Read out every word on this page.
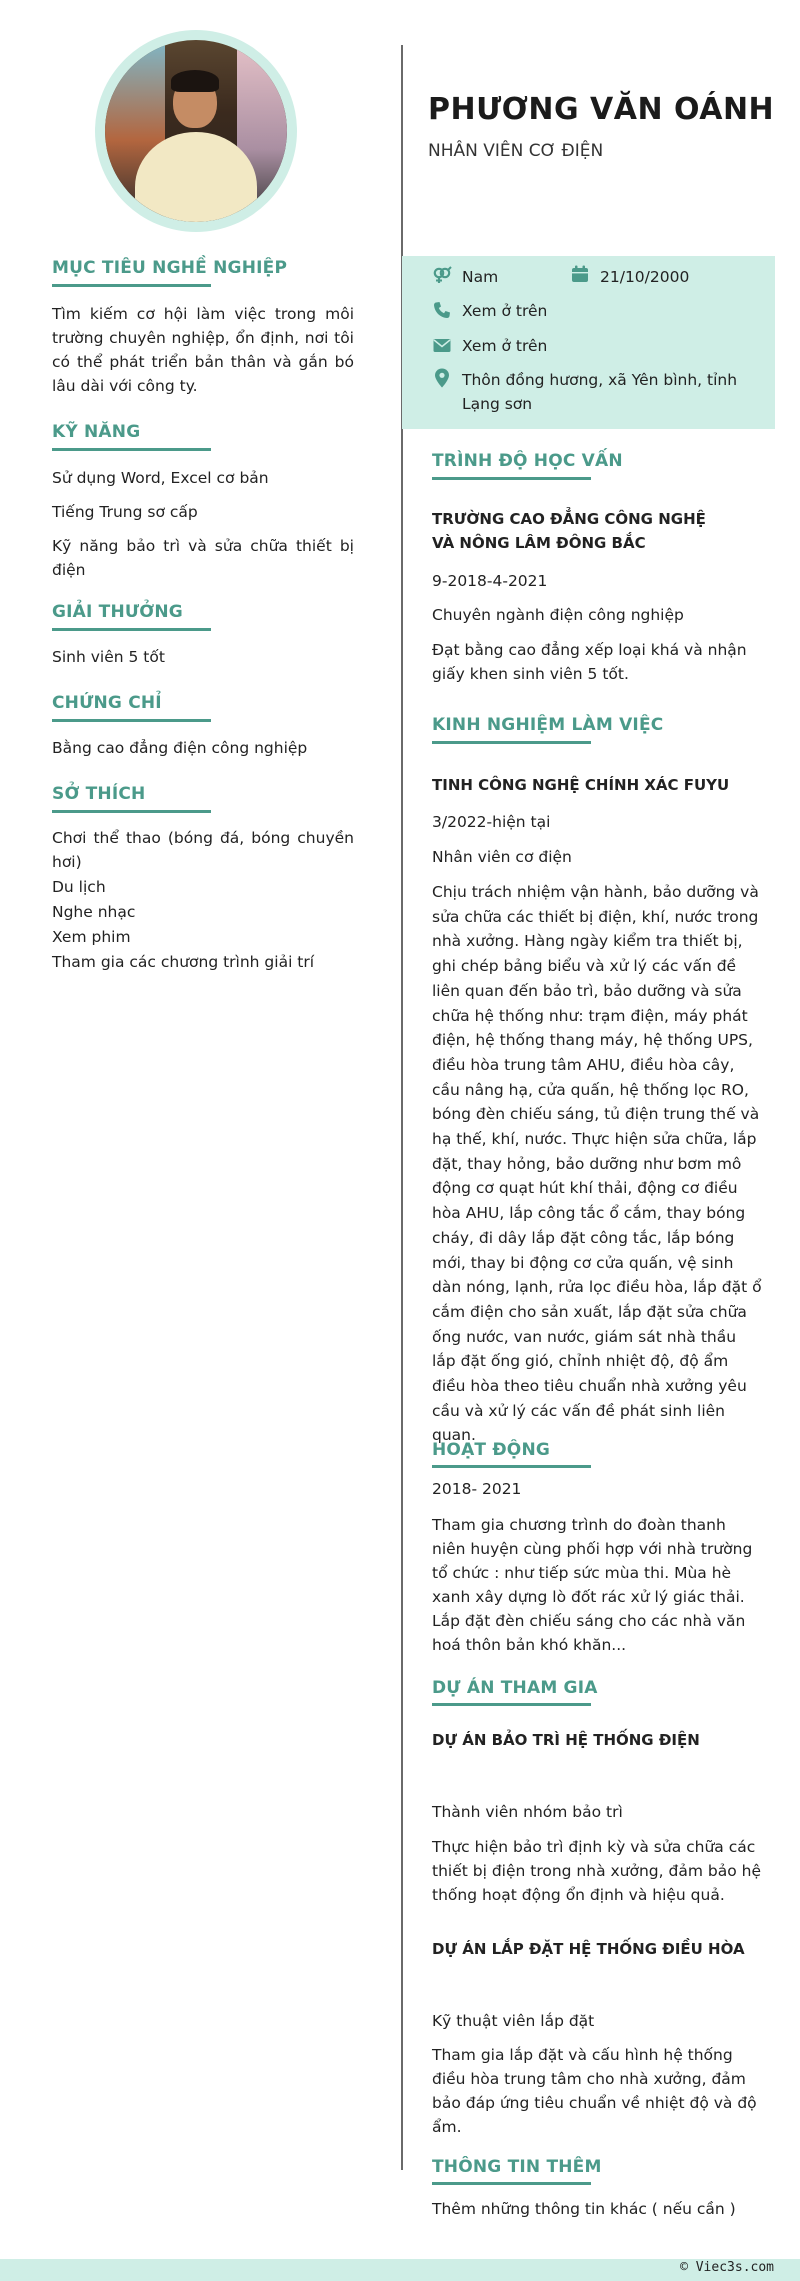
MỤC TIÊU NGHỀ NGHIỆP
Tìm kiếm cơ hội làm việc trong môi trường chuyên nghiệp, ổn định, nơi tôi có thể phát triển bản thân và gắn bó lâu dài với công ty.
KỸ NĂNG
Sử dụng Word, Excel cơ bản
Tiếng Trung sơ cấp
Kỹ năng bảo trì và sửa chữa thiết bị điện
GIẢI THƯỞNG
Sinh viên 5 tốt
CHỨNG CHỈ
Bằng cao đẳng điện công nghiệp
SỞ THÍCH
Chơi thể thao (bóng đá, bóng chuyền hơi)
Du lịch
Nghe nhạc
Xem phim
Tham gia các chương trình giải trí
PHƯƠNG VĂN OÁNH
NHÂN VIÊN CƠ ĐIỆN
Nam	21/10/2000
Xem ở trên
Xem ở trên
Thôn đồng hương, xã Yên bình, tỉnh Lạng sơn
TRÌNH ĐỘ HỌC VẤN
TRƯỜNG CAO ĐẲNG CÔNG NGHỆ VÀ NÔNG LÂM ĐÔNG BẮC
9-2018-4-2021
Chuyên ngành điện công nghiệp
Đạt bằng cao đẳng xếp loại khá và nhận giấy khen sinh viên 5 tốt.
KINH NGHIỆM LÀM VIỆC
TINH CÔNG NGHỆ CHÍNH XÁC FUYU
3/2022-hiện tại
Nhân viên cơ điện
Chịu trách nhiệm vận hành, bảo dưỡng và sửa chữa các thiết bị điện, khí, nước trong nhà xưởng. Hàng ngày kiểm tra thiết bị, ghi chép bảng biểu và xử lý các vấn đề liên quan đến bảo trì, bảo dưỡng và sửa chữa hệ thống như: trạm điện, máy phát điện, hệ thống thang máy, hệ thống UPS, điều hòa trung tâm AHU, điều hòa cây, cầu nâng hạ, cửa quấn, hệ thống lọc RO, bóng đèn chiếu sáng, tủ điện trung thế và hạ thế, khí, nước. Thực hiện sửa chữa, lắp đặt, thay hỏng, bảo dưỡng như bơm mô động cơ quạt hút khí thải, động cơ điều hòa AHU, lắp công tắc ổ cắm, thay bóng cháy, đi dây lắp đặt công tắc, lắp bóng mới, thay bi động cơ cửa quấn, vệ sinh dàn nóng, lạnh, rửa lọc điều hòa, lắp đặt ổ cắm điện cho sản xuất, lắp đặt sửa chữa ống nước, van nước, giám sát nhà thầu lắp đặt ống gió, chỉnh nhiệt độ, độ ẩm điều hòa theo tiêu chuẩn nhà xưởng yêu cầu và xử lý các vấn đề phát sinh liên quan.
HOẠT ĐỘNG
2018- 2021
Tham gia chương trình do đoàn thanh niên huyện cùng phối hợp với nhà trường tổ chức : như tiếp sức mùa thi. Mùa hè xanh xây dựng lò đốt rác xử lý giác thải. Lắp đặt đèn chiếu sáng cho các nhà văn hoá thôn bản khó khăn...
DỰ ÁN THAM GIA
DỰ ÁN BẢO TRÌ HỆ THỐNG ĐIỆN
Thành viên nhóm bảo trì
Thực hiện bảo trì định kỳ và sửa chữa các thiết bị điện trong nhà xưởng, đảm bảo hệ thống hoạt động ổn định và hiệu quả.
DỰ ÁN LẮP ĐẶT HỆ THỐNG ĐIỀU HÒA
Kỹ thuật viên lắp đặt
Tham gia lắp đặt và cấu hình hệ thống điều hòa trung tâm cho nhà xưởng, đảm bảo đáp ứng tiêu chuẩn về nhiệt độ và độ ẩm.
THÔNG TIN THÊM
Thêm những thông tin khác ( nếu cần )
© Viec3s.com
